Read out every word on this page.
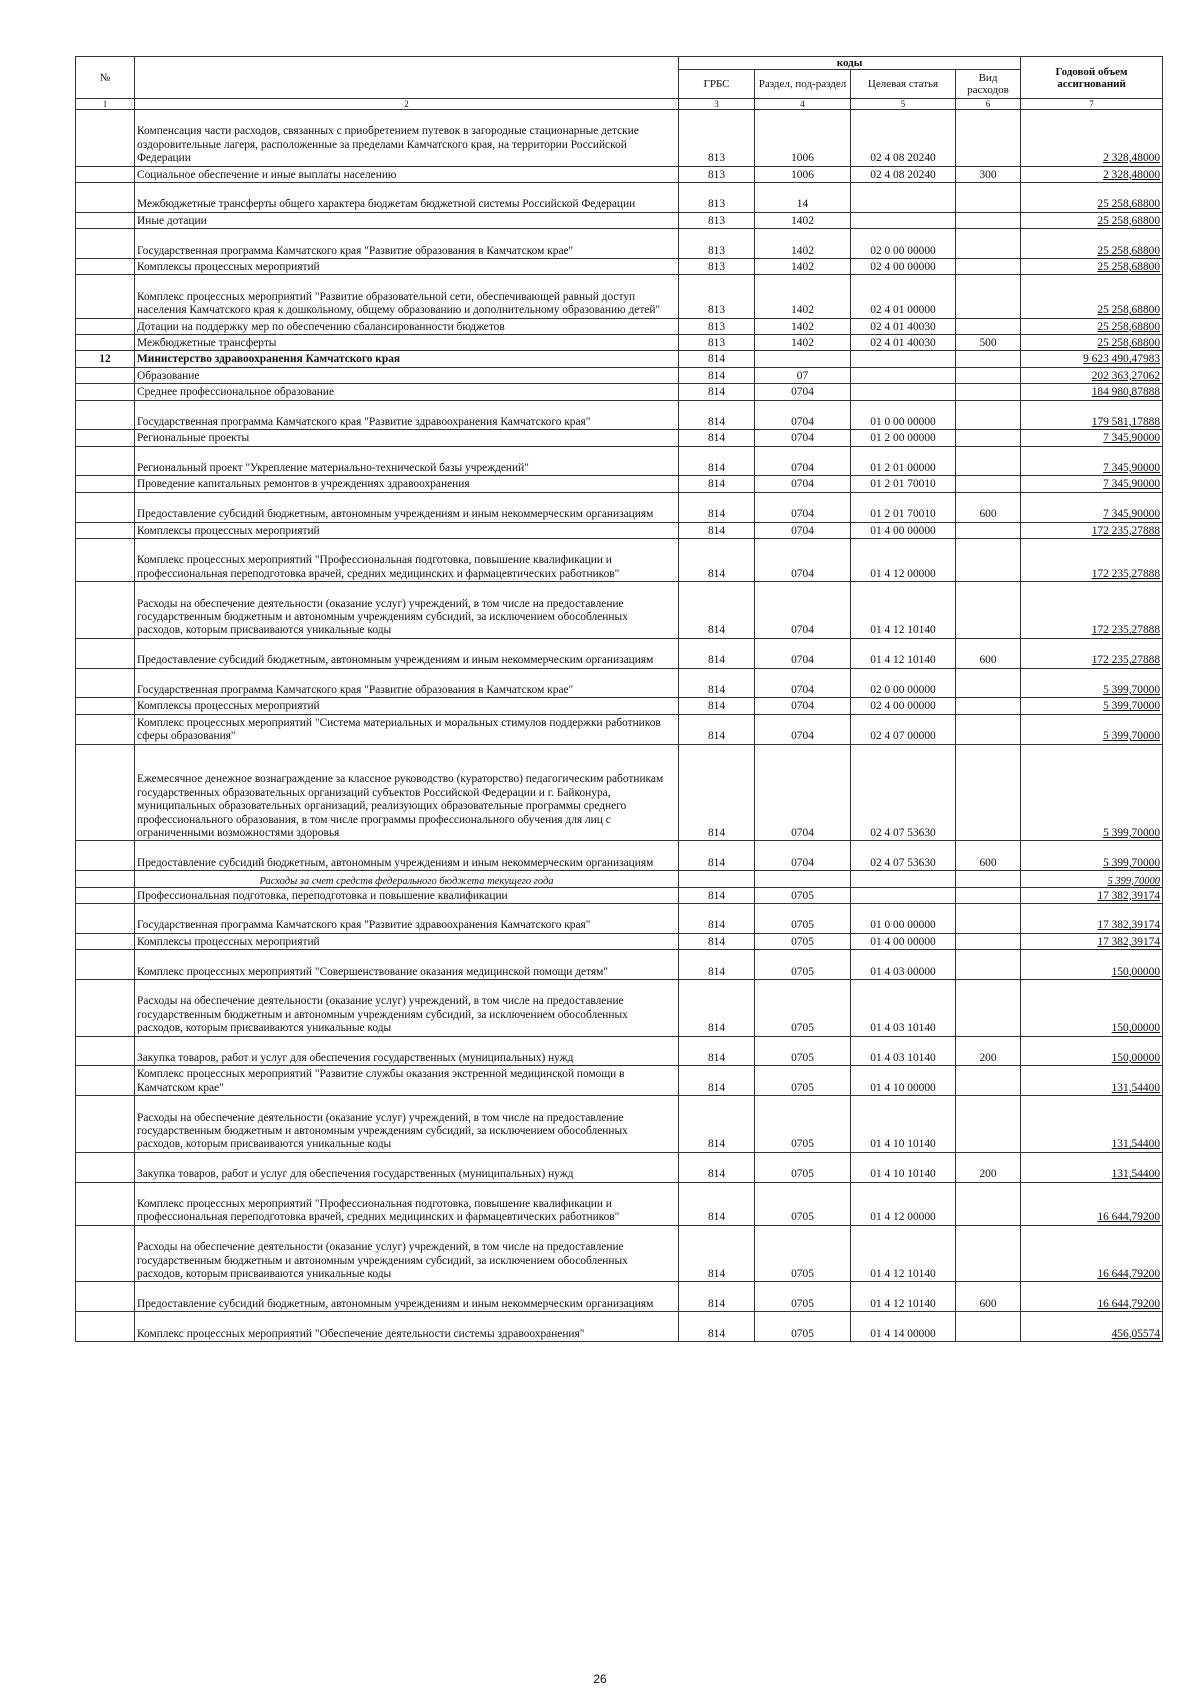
№		коды				Годовой объем ассигнований
		ГРБС	Раздел, под-раздел	Целевая статья	Вид расходов	
1	2	3	4	5	6	7
	Компенсация части расходов, связанных с приобретением путевок в загородные стационарные детские оздоровительные лагеря, расположенные за пределами Камчатского края, на территории Российской Федерации	813	1006	02 4 08 20240		2 328,48000
	Социальное обеспечение и иные выплаты населению	813	1006	02 4 08 20240	300	2 328,48000
	Межбюджетные трансферты общего характера бюджетам бюджетной системы Российской Федерации	813	14			25 258,68800
	Иные дотации	813	1402			25 258,68800
	Государственная программа Камчатского края "Развитие образования в Камчатском крае"	813	1402	02 0 00 00000		25 258,68800
	Комплексы процессных мероприятий	813	1402	02 4 00 00000		25 258,68800
	Комплекс процессных мероприятий "Развитие образовательной сети, обеспечивающей равный доступ населения Камчатского края к дошкольному, общему образованию и дополнительному образованию детей"	813	1402	02 4 01 00000		25 258,68800
	Дотации на поддержку мер по обеспечению сбалансированности бюджетов	813	1402	02 4 01 40030		25 258,68800
	Межбюджетные трансферты	813	1402	02 4 01 40030	500	25 258,68800
12	Министерство здравоохранения Камчатского края	814				9 623 490,47983
	Образование	814	07			202 363,27062
	Среднее профессиональное образование	814	0704			184 980,87888
	Государственная программа Камчатского края "Развитие здравоохранения Камчатского края"	814	0704	01 0 00 00000		179 581,17888
	Региональные проекты	814	0704	01 2 00 00000		7 345,90000
	Региональный проект "Укрепление материально-технической базы учреждений"	814	0704	01 2 01 00000		7 345,90000
	Проведение капитальных ремонтов в учреждениях здравоохранения	814	0704	01 2 01 70010		7 345,90000
	Предоставление субсидий бюджетным, автономным учреждениям и иным некоммерческим организациям	814	0704	01 2 01 70010	600	7 345,90000
	Комплексы процессных мероприятий	814	0704	01 4 00 00000		172 235,27888
	Комплекс процессных мероприятий "Профессиональная подготовка, повышение квалификации и профессиональная переподготовка врачей, средних медицинских и фармацевтических работников"	814	0704	01 4 12 00000		172 235,27888
	Расходы на обеспечение деятельности (оказание услуг) учреждений, в том числе на предоставление государственным бюджетным и автономным учреждениям субсидий, за исключением обособленных расходов, которым присваиваются уникальные коды	814	0704	01 4 12 10140		172 235,27888
	Предоставление субсидий бюджетным, автономным учреждениям и иным некоммерческим организациям	814	0704	01 4 12 10140	600	172 235,27888
	Государственная программа Камчатского края "Развитие образования в Камчатском крае"	814	0704	02 0 00 00000		5 399,70000
	Комплексы процессных мероприятий	814	0704	02 4 00 00000		5 399,70000
	Комплекс процессных мероприятий "Система материальных и моральных стимулов поддержки работников сферы образования"	814	0704	02 4 07 00000		5 399,70000
	Ежемесячное денежное вознаграждение за классное руководство (кураторство) педагогическим работникам государственных образовательных организаций субъектов Российской Федерации и г. Байконура, муниципальных образовательных организаций, реализующих образовательные программы среднего профессионального образования, в том числе программы профессионального обучения для лиц с ограниченными возможностями здоровья	814	0704	02 4 07 53630		5 399,70000
	Предоставление субсидий бюджетным, автономным учреждениям и иным некоммерческим организациям	814	0704	02 4 07 53630	600	5 399,70000
	Расходы за счет средств федерального бюджета текущего года					5 399,70000
	Профессиональная подготовка, переподготовка и повышение квалификации	814	0705			17 382,39174
	Государственная программа Камчатского края "Развитие здравоохранения Камчатского края"	814	0705	01 0 00 00000		17 382,39174
	Комплексы процессных мероприятий	814	0705	01 4 00 00000		17 382,39174
	Комплекс процессных мероприятий "Совершенствование оказания медицинской помощи детям"	814	0705	01 4 03 00000		150,00000
	Расходы на обеспечение деятельности (оказание услуг) учреждений, в том числе на предоставление государственным бюджетным и автономным учреждениям субсидий, за исключением обособленных расходов, которым присваиваются уникальные коды	814	0705	01 4 03 10140		150,00000
	Закупка товаров, работ и услуг для обеспечения государственных (муниципальных) нужд	814	0705	01 4 03 10140	200	150,00000
	Комплекс процессных мероприятий "Развитие службы оказания экстренной медицинской помощи в Камчатском крае"	814	0705	01 4 10 00000		131,54400
	Расходы на обеспечение деятельности (оказание услуг) учреждений, в том числе на предоставление государственным бюджетным и автономным учреждениям субсидий, за исключением обособленных расходов, которым присваиваются уникальные коды	814	0705	01 4 10 10140		131,54400
	Закупка товаров, работ и услуг для обеспечения государственных (муниципальных) нужд	814	0705	01 4 10 10140	200	131,54400
	Комплекс процессных мероприятий "Профессиональная подготовка, повышение квалификации и профессиональная переподготовка врачей, средних медицинских и фармацевтических работников"	814	0705	01 4 12 00000		16 644,79200
	Расходы на обеспечение деятельности (оказание услуг) учреждений, в том числе на предоставление государственным бюджетным и автономным учреждениям субсидий, за исключением обособленных расходов, которым присваиваются уникальные коды	814	0705	01 4 12 10140		16 644,79200
	Предоставление субсидий бюджетным, автономным учреждениям и иным некоммерческим организациям	814	0705	01 4 12 10140	600	16 644,79200
	Комплекс процессных мероприятий "Обеспечение деятельности системы здравоохранения"	814	0705	01 4 14 00000		456,05574
26
